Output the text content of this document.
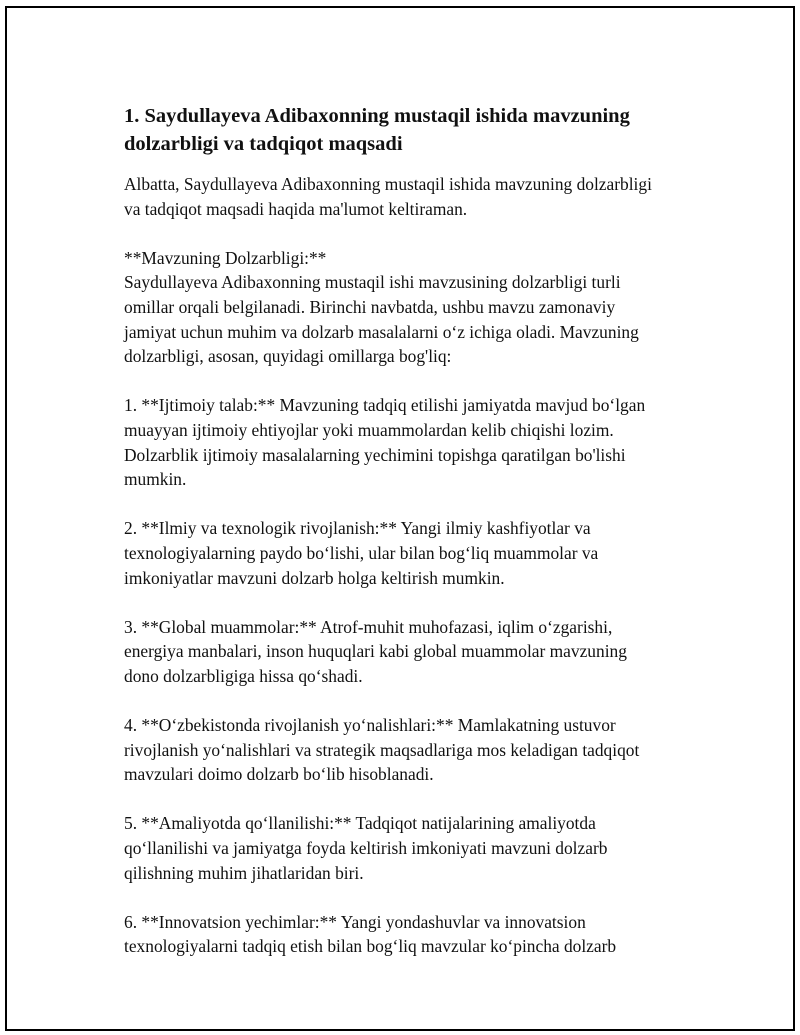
1. Saydullayeva Adibaxonning mustaqil ishida mavzuning dolzarbligi va tadqiqot maqsadi
Albatta, Saydullayeva Adibaxonning mustaqil ishida mavzuning dolzarbligi
va tadqiqot maqsadi haqida ma'lumot keltiraman.
**Mavzuning Dolzarbligi:**
Saydullayeva Adibaxonning mustaqil ishi mavzusining dolzarbligi turli
omillar orqali belgilanadi. Birinchi navbatda, ushbu mavzu zamonaviy
jamiyat uchun muhim va dolzarb masalalarni o‘z ichiga oladi. Mavzuning
dolzarbligi, asosan, quyidagi omillarga bog'liq:
1. **Ijtimoiy talab:** Mavzuning tadqiq etilishi jamiyatda mavjud bo‘lgan
muayyan ijtimoiy ehtiyojlar yoki muammolardan kelib chiqishi lozim.
Dolzarblik ijtimoiy masalalarning yechimini topishga qaratilgan bo'lishi
mumkin.
2. **Ilmiy va texnologik rivojlanish:** Yangi ilmiy kashfiyotlar va
texnologiyalarning paydo bo‘lishi, ular bilan bog‘liq muammolar va
imkoniyatlar mavzuni dolzarb holga keltirish mumkin.
3. **Global muammolar:** Atrof-muhit muhofazasi, iqlim o‘zgarishi,
energiya manbalari, inson huquqlari kabi global muammolar mavzuning
dono dolzarbligiga hissa qo‘shadi.
4. **O‘zbekistonda rivojlanish yo‘nalishlari:** Mamlakatning ustuvor
rivojlanish yo‘nalishlari va strategik maqsadlariga mos keladigan tadqiqot
mavzulari doimo dolzarb bo‘lib hisoblanadi.
5. **Amaliyotda qo‘llanilishi:** Tadqiqot natijalarining amaliyotda
qo‘llanilishi va jamiyatga foyda keltirish imkoniyati mavzuni dolzarb
qilishning muhim jihatlaridan biri.
6. **Innovatsion yechimlar:** Yangi yondashuvlar va innovatsion
texnologiyalarni tadqiq etish bilan bog‘liq mavzular ko‘pincha dolzarb
